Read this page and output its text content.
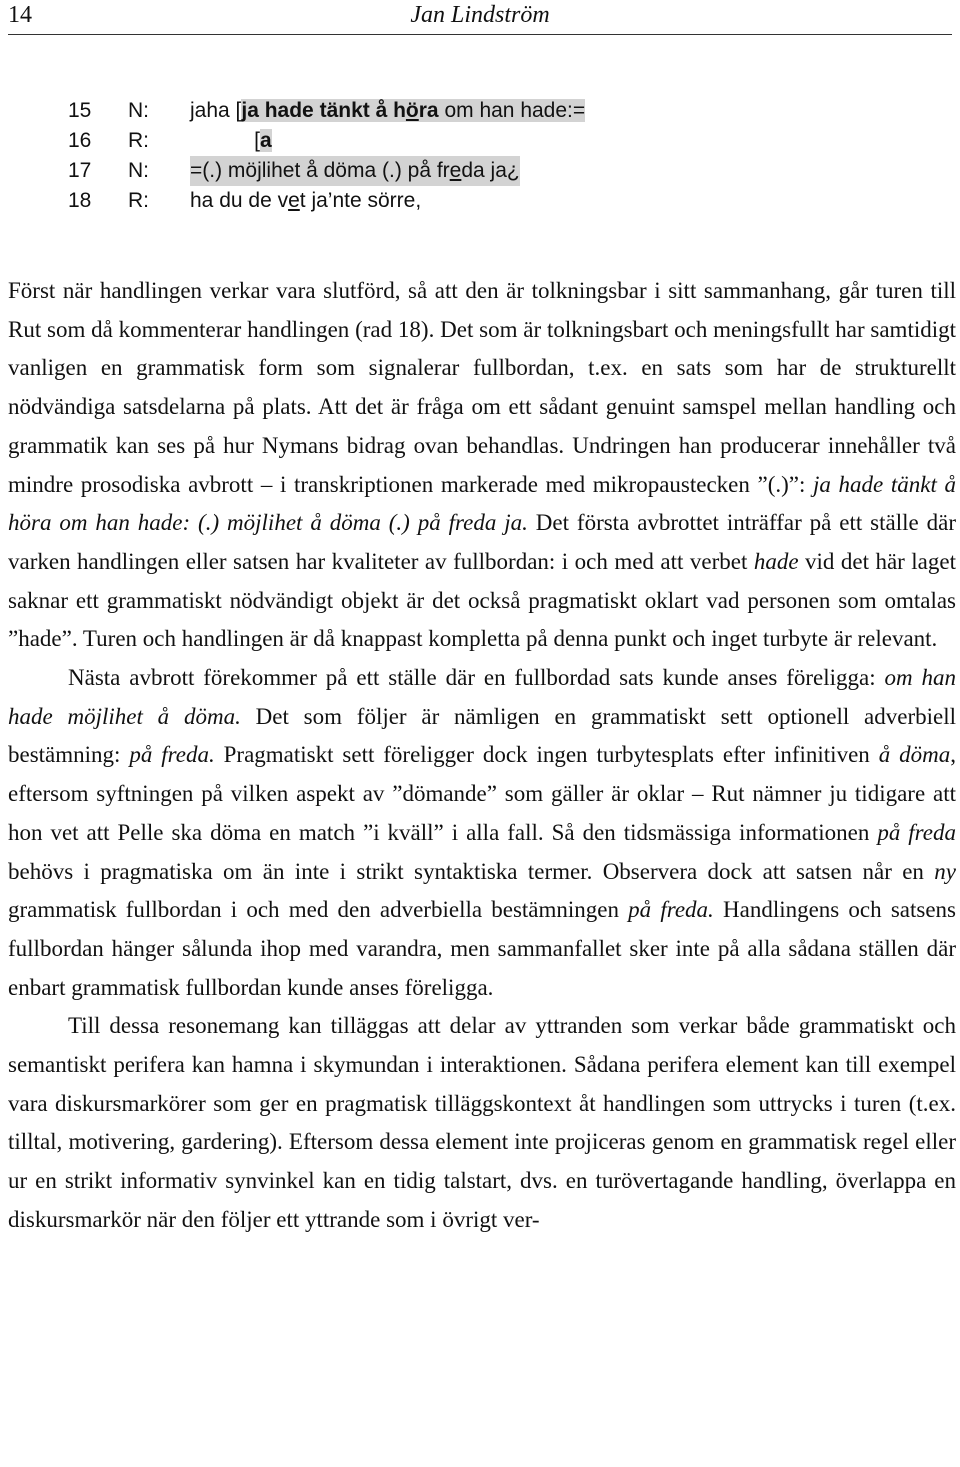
14	Jan Lindström
15	N:	jaha [ja hade tänkt å höra om han hade:=
16	R:	[a
17	N:	=(.) möjlihet å döma (.) på freda ja¿
18	R:	ha du de vet ja’nte sörre,

Först när handlingen verkar vara slutförd, så att den är tolkningsbar i sitt sammanhang, går turen till Rut som då kommenterar handlingen (rad 18). Det som är tolkningsbart och meningsfullt har samtidigt vanligen en grammatisk form som signalerar fullbordan, t.ex. en sats som har de strukturellt nödvändiga satsdelarna på plats. Att det är fråga om ett sådant genuint samspel mellan handling och grammatik kan ses på hur Nymans bidrag ovan behandlas. Undringen han producerar innehåller två mindre prosodiska avbrott – i transkriptionen markerade med mikropaustecken ”(.)”: ja hade tänkt å höra om han hade: (.) möjlihet å döma (.) på freda ja. Det första avbrottet inträffar på ett ställe där varken handlingen eller satsen har kvaliteter av fullbordan: i och med att verbet hade vid det här laget saknar ett grammatiskt nödvändigt objekt är det också pragmatiskt oklart vad personen som omtalas ”hade”. Turen och handlingen är då knappast kompletta på denna punkt och inget turbyte är relevant.

Nästa avbrott förekommer på ett ställe där en fullbordad sats kunde anses föreligga: om han hade möjlihet å döma. Det som följer är nämligen en grammatiskt sett optionell adverbiell bestämning: på freda. Pragmatiskt sett föreligger dock ingen turbytesplats efter infinitiven å döma, eftersom syftningen på vilken aspekt av ”dömande” som gäller är oklar – Rut nämner ju tidigare att hon vet att Pelle ska döma en match ”i kväll” i alla fall. Så den tidsmässiga informationen på freda behövs i pragmatiska om än inte i strikt syntaktiska termer. Observera dock att satsen når en ny grammatisk fullbordan i och med den adverbiella bestämningen på freda. Handlingens och satsens fullbordan hänger sålunda ihop med varandra, men sammanfallet sker inte på alla sådana ställen där enbart grammatisk fullbordan kunde anses föreligga.

Till dessa resonemang kan tilläggas att delar av yttranden som verkar både grammatiskt och semantiskt perifera kan hamna i skymundan i interaktionen. Sådana perifera element kan till exempel vara diskursmarkörer som ger en pragmatisk tilläggskontext åt handlingen som uttrycks i turen (t.ex. tilltal, motivering, gardering). Eftersom dessa element inte projiceras genom en grammatisk regel eller ur en strikt informativ synvinkel kan en tidig talstart, dvs. en turövertagande handling, överlappa en diskursmarkör när den följer ett yttrande som i övrigt ver-
